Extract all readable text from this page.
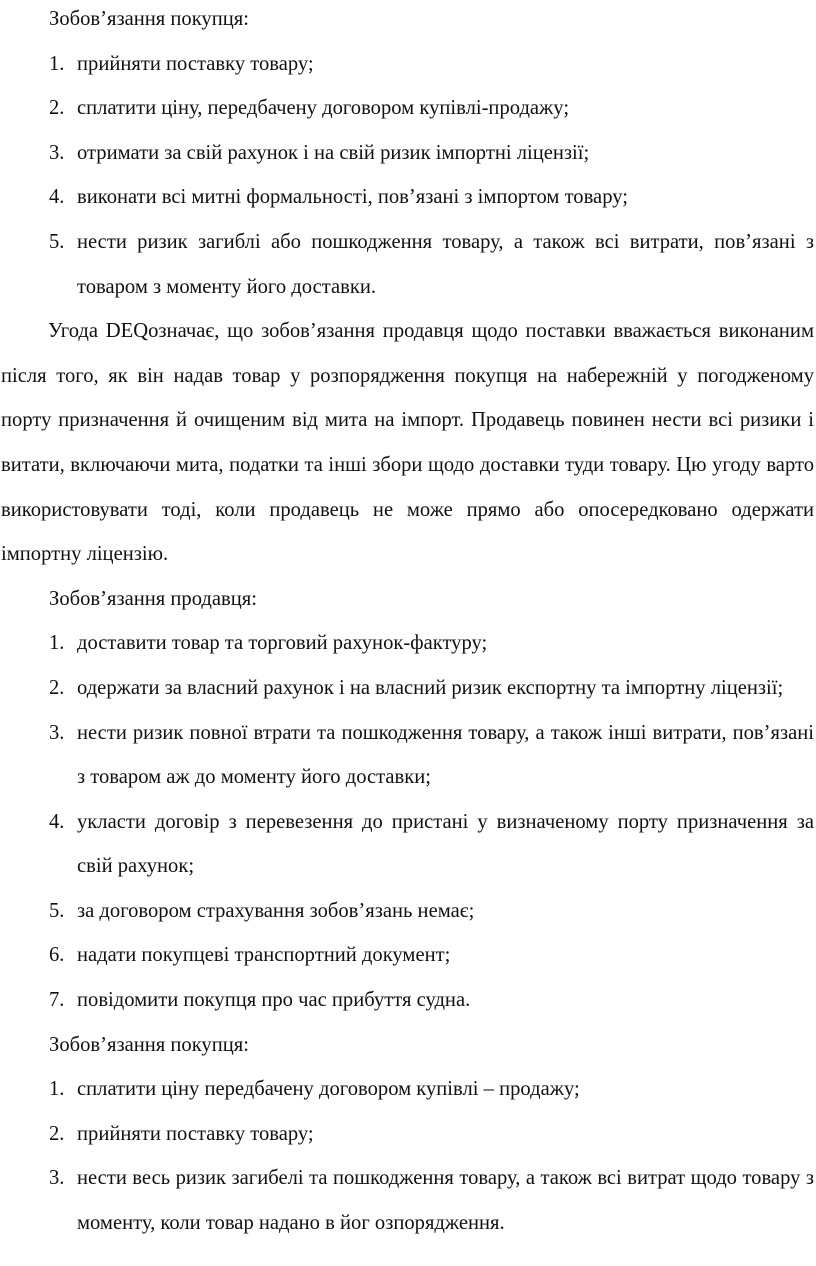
Зобов’язання покупця:

1. прийняти поставку товару;
2. сплатити ціну, передбачену договором купівлі-продажу;
3. отримати за свій рахунок і на свій ризик імпортні ліцензії;
4. виконати всі митні формальності, пов’язані з імпортом товару;
5. нести ризик загиблі або пошкодження товару, а також всі витрати, пов’язані з товаром з моменту його доставки.

Угода DEQозначає, що зобов’язання продавця щодо поставки вважається виконаним після того, як він надав товар у розпорядження покупця на набережній у погодженому порту призначення й очищеним від мита на імпорт. Продавець повинен нести всі ризики і витати, включаючи мита, податки та інші збори щодо доставки туди товару. Цю угоду варто використовувати тоді, коли продавець не може прямо або опосередковано одержати імпортну ліцензію.

Зобов’язання продавця:

1. доставити товар та торговий рахунок-фактуру;
2. одержати за власний рахунок і на власний ризик експортну та імпортну ліцензії;
3. нести ризик повної втрати та пошкодження товару, а також інші витрати, пов’язані з товаром аж до моменту його доставки;
4. укласти договір з перевезення до пристані у визначеному порту призначення за свій рахунок;
5. за договором страхування зобов’язань немає;
6. надати покупцеві транспортний документ;
7. повідомити покупця про час прибуття судна.

Зобов’язання покупця:

1. сплатити ціну передбачену договором купівлі – продажу;
2. прийняти поставку товару;
3. нести весь ризик загибелі та пошкодження товару, а також всі витрат щодо товару з моменту, коли товар надано в йог озпорядження.
